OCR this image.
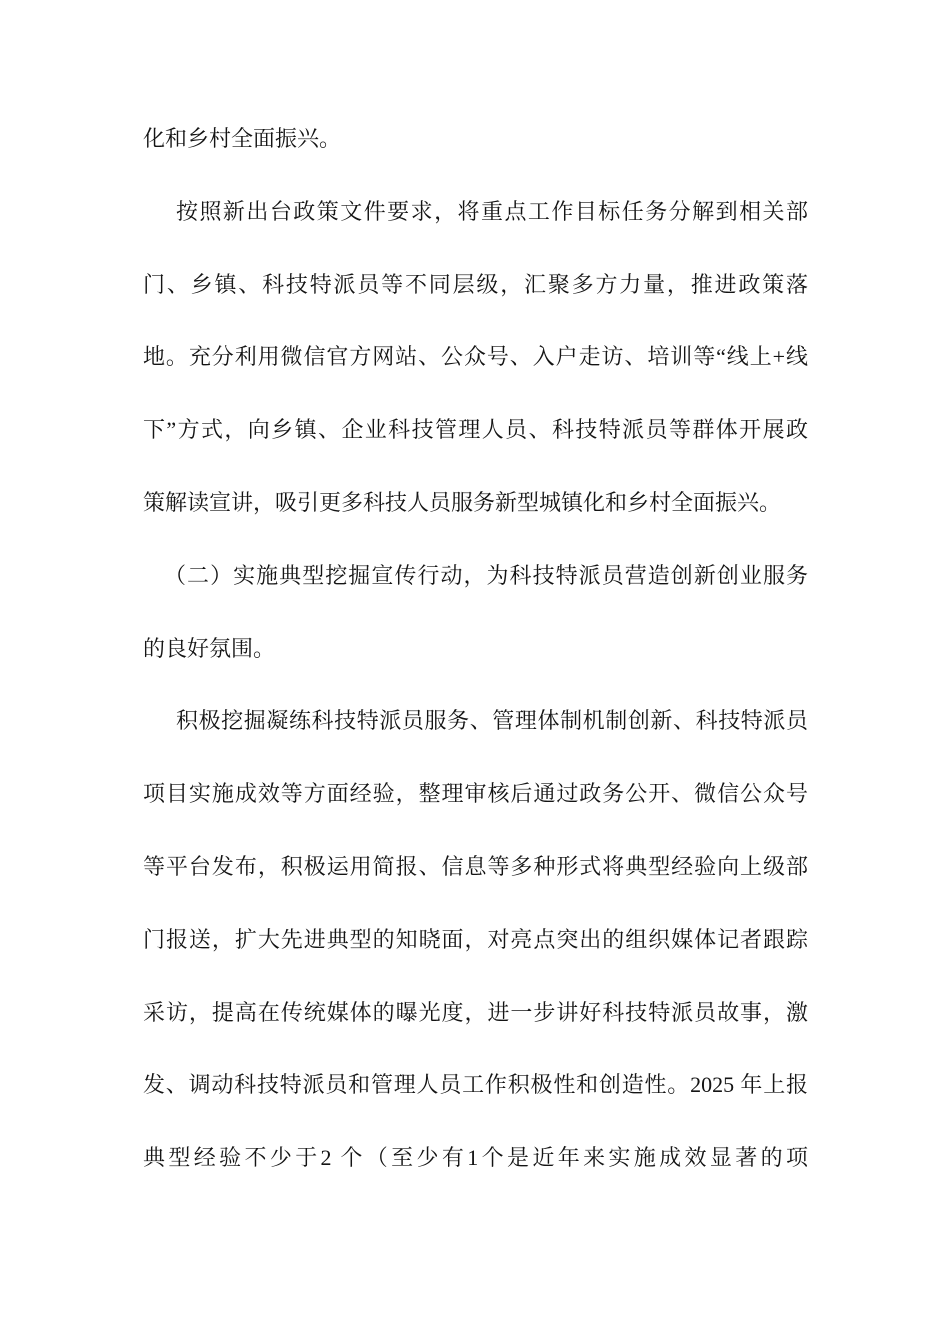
化和乡村全面振兴。
按照新出台政策文件要求，将重点工作目标任务分解到相关部
门、乡镇、科技特派员等不同层级，汇聚多方力量，推进政策落
地。充分利用微信官方网站、公众号、入户走访、培训等“线上+线
下”方式，向乡镇、企业科技管理人员、科技特派员等群体开展政
策解读宣讲，吸引更多科技人员服务新型城镇化和乡村全面振兴。
（二）实施典型挖掘宣传行动，为科技特派员营造创新创业服务
的良好氛围。
积极挖掘凝练科技特派员服务、管理体制机制创新、科技特派员
项目实施成效等方面经验，整理审核后通过政务公开、微信公众号
等平台发布，积极运用简报、信息等多种形式将典型经验向上级部
门报送，扩大先进典型的知晓面，对亮点突出的组织媒体记者跟踪
采访，提高在传统媒体的曝光度，进一步讲好科技特派员故事，激
发、调动科技特派员和管理人员工作积极性和创造性。2025 年上报
典型经验不少于2 个（至少有1个是近年来实施成效显著的项
